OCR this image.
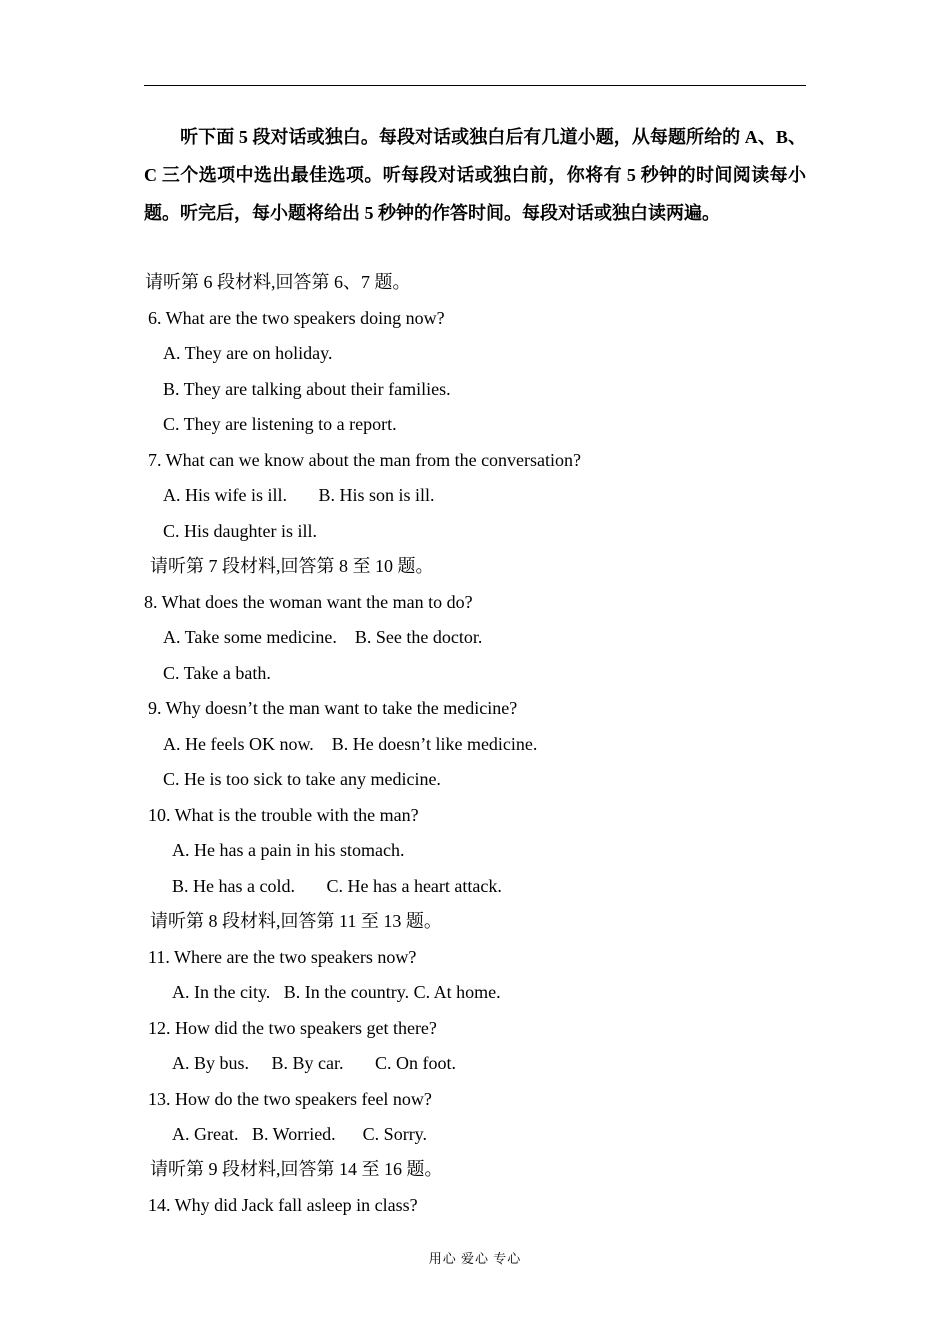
　　听下面 5 段对话或独白。每段对话或独白后有几道小题，从每题所给的 A、B、C 三个选项中选出最佳选项。听每段对话或独白前，你将有 5 秒钟的时间阅读每小题。听完后，每小题将给出 5 秒钟的作答时间。每段对话或独白读两遍。

请听第 6 段材料,回答第 6、7 题。
6. What are the two speakers doing now?
A. They are on holiday.
B. They are talking about their families.
C. They are listening to a report.
7. What can we know about the man from the conversation?
A. His wife is ill.       B. His son is ill.
C. His daughter is ill.
请听第 7 段材料,回答第 8 至 10 题。
8. What does the woman want the man to do?
A. Take some medicine.    B. See the doctor.
C. Take a bath.
9. Why doesn’t the man want to take the medicine?
A. He feels OK now.    B. He doesn’t like medicine.
C. He is too sick to take any medicine.
10. What is the trouble with the man?
A. He has a pain in his stomach.
B. He has a cold.       C. He has a heart attack.
请听第 8 段材料,回答第 11 至 13 题。
11. Where are the two speakers now?
A. In the city.   B. In the country. C. At home.
12. How did the two speakers get there?
A. By bus.     B. By car.       C. On foot.
13. How do the two speakers feel now?
A. Great.   B. Worried.      C. Sorry.
请听第 9 段材料,回答第 14 至 16 题。
14. Why did Jack fall asleep in class?
用心 爱心 专心
